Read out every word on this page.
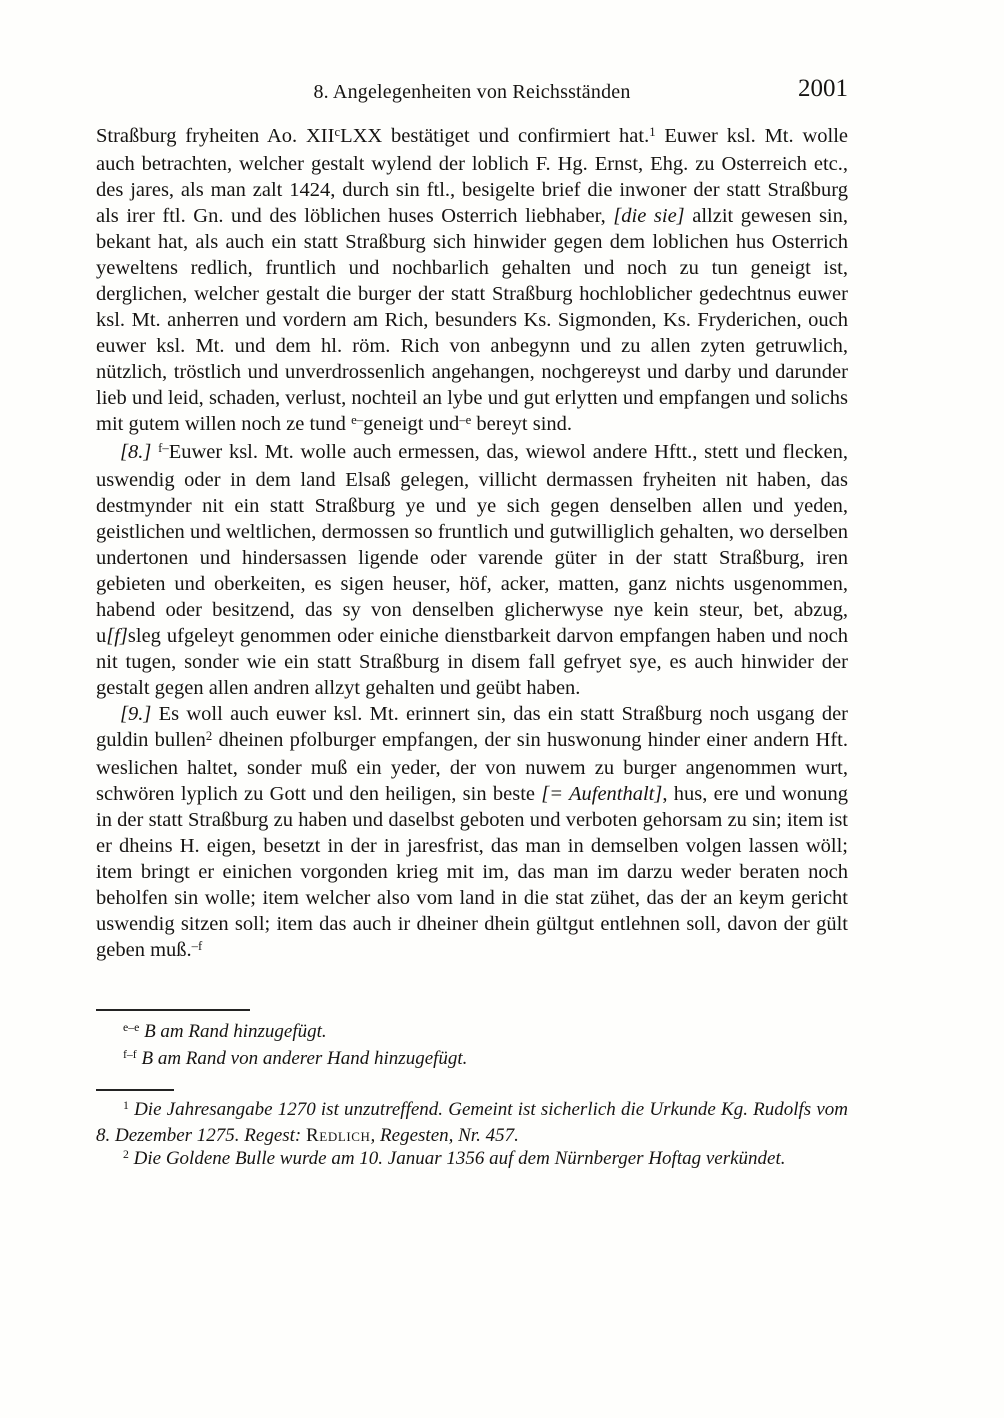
8. Angelegenheiten von Reichsständen	2001

Straßburg fryheiten Ao. XII$^c$LXX bestätiget und confirmiert hat.$^1$ Euwer ksl. Mt. wolle auch betrachten, welcher gestalt wylend der loblich F. Hg. Ernst, Ehg. zu Osterreich etc., des jares, als man zalt 1424, durch sin ftl., besigelte brief die inwoner der statt Straßburg als irer ftl. Gn. und des löblichen huses Osterrich liebhaber, [die sie] allzit gewesen sin, bekant hat, als auch ein statt Straßburg sich hinwider gegen dem loblichen hus Osterrich yeweltens redlich, fruntlich und nochbarlich gehalten und noch zu tun geneigt ist, derglichen, welcher gestalt die burger der statt Straßburg hochloblicher gedechtnus euwer ksl. Mt. anherren und vordern am Rich, besunders Ks. Sigmonden, Ks. Fryderichen, ouch euwer ksl. Mt. und dem hl. röm. Rich von anbegynn und zu allen zyten getruwlich, nützlich, tröstlich und unverdrossenlich angehangen, nochgereyst und darby und darunder lieb und leid, schaden, verlust, nochteil an lybe und gut erlytten und empfangen und solichs mit gutem willen noch ze tund $^{e-}$geneigt und$^{-e}$ bereyt sind.

[8.] $^{f-}$Euwer ksl. Mt. wolle auch ermessen, das, wiewol andere Hftt., stett und flecken, uswendig oder in dem land Elsaß gelegen, villicht dermassen fryheiten nit haben, das destmynder nit ein statt Straßburg ye und ye sich gegen denselben allen und yeden, geistlichen und weltlichen, dermossen so fruntlich und gutwilliglich gehalten, wo derselben undertonen und hindersassen ligende oder varende güter in der statt Straßburg, iren gebieten und oberkeiten, es sigen heuser, höf, acker, matten, ganz nichts usgenommen, habend oder besitzend, das sy von denselben glicherwyse nye kein steur, bet, abzug, u[f]sleg ufgeleyt genommen oder einiche dienstbarkeit darvon empfangen haben und noch nit tugen, sonder wie ein statt Straßburg in disem fall gefryet sye, es auch hinwider der gestalt gegen allen andren allzyt gehalten und geübt haben.

[9.] Es woll auch euwer ksl. Mt. erinnert sin, das ein statt Straßburg noch usgang der guldin bullen$^2$ dheinen pfolburger empfangen, der sin huswonung hinder einer andern Hft. weslichen haltet, sonder muß ein yeder, der von nuwem zu burger angenommen wurt, schwören lyplich zu Gott und den heiligen, sin beste [= Aufenthalt], hus, ere und wonung in der statt Straßburg zu haben und daselbst geboten und verboten gehorsam zu sin; item ist er dheins H. eigen, besetzt in der in jaresfrist, das man in demselben volgen lassen wöll; item bringt er einichen vorgonden krieg mit im, das man im darzu weder beraten noch beholfen sin wolle; item welcher also vom land in die stat zühet, das der an keym gericht uswendig sitzen soll; item das auch ir dheiner dhein gültgut entlehnen soll, davon der gült geben muß.$^{-f}$

$^{e-e}$ B am Rand hinzugefügt.

$^{f-f}$ B am Rand von anderer Hand hinzugefügt.

$^1$ Die Jahresangabe 1270 ist unzutreffend. Gemeint ist sicherlich die Urkunde Kg. Rudolfs vom 8. Dezember 1275. Regest: Redlich, Regesten, Nr. 457.

$^2$ Die Goldene Bulle wurde am 10. Januar 1356 auf dem Nürnberger Hoftag verkündet.
